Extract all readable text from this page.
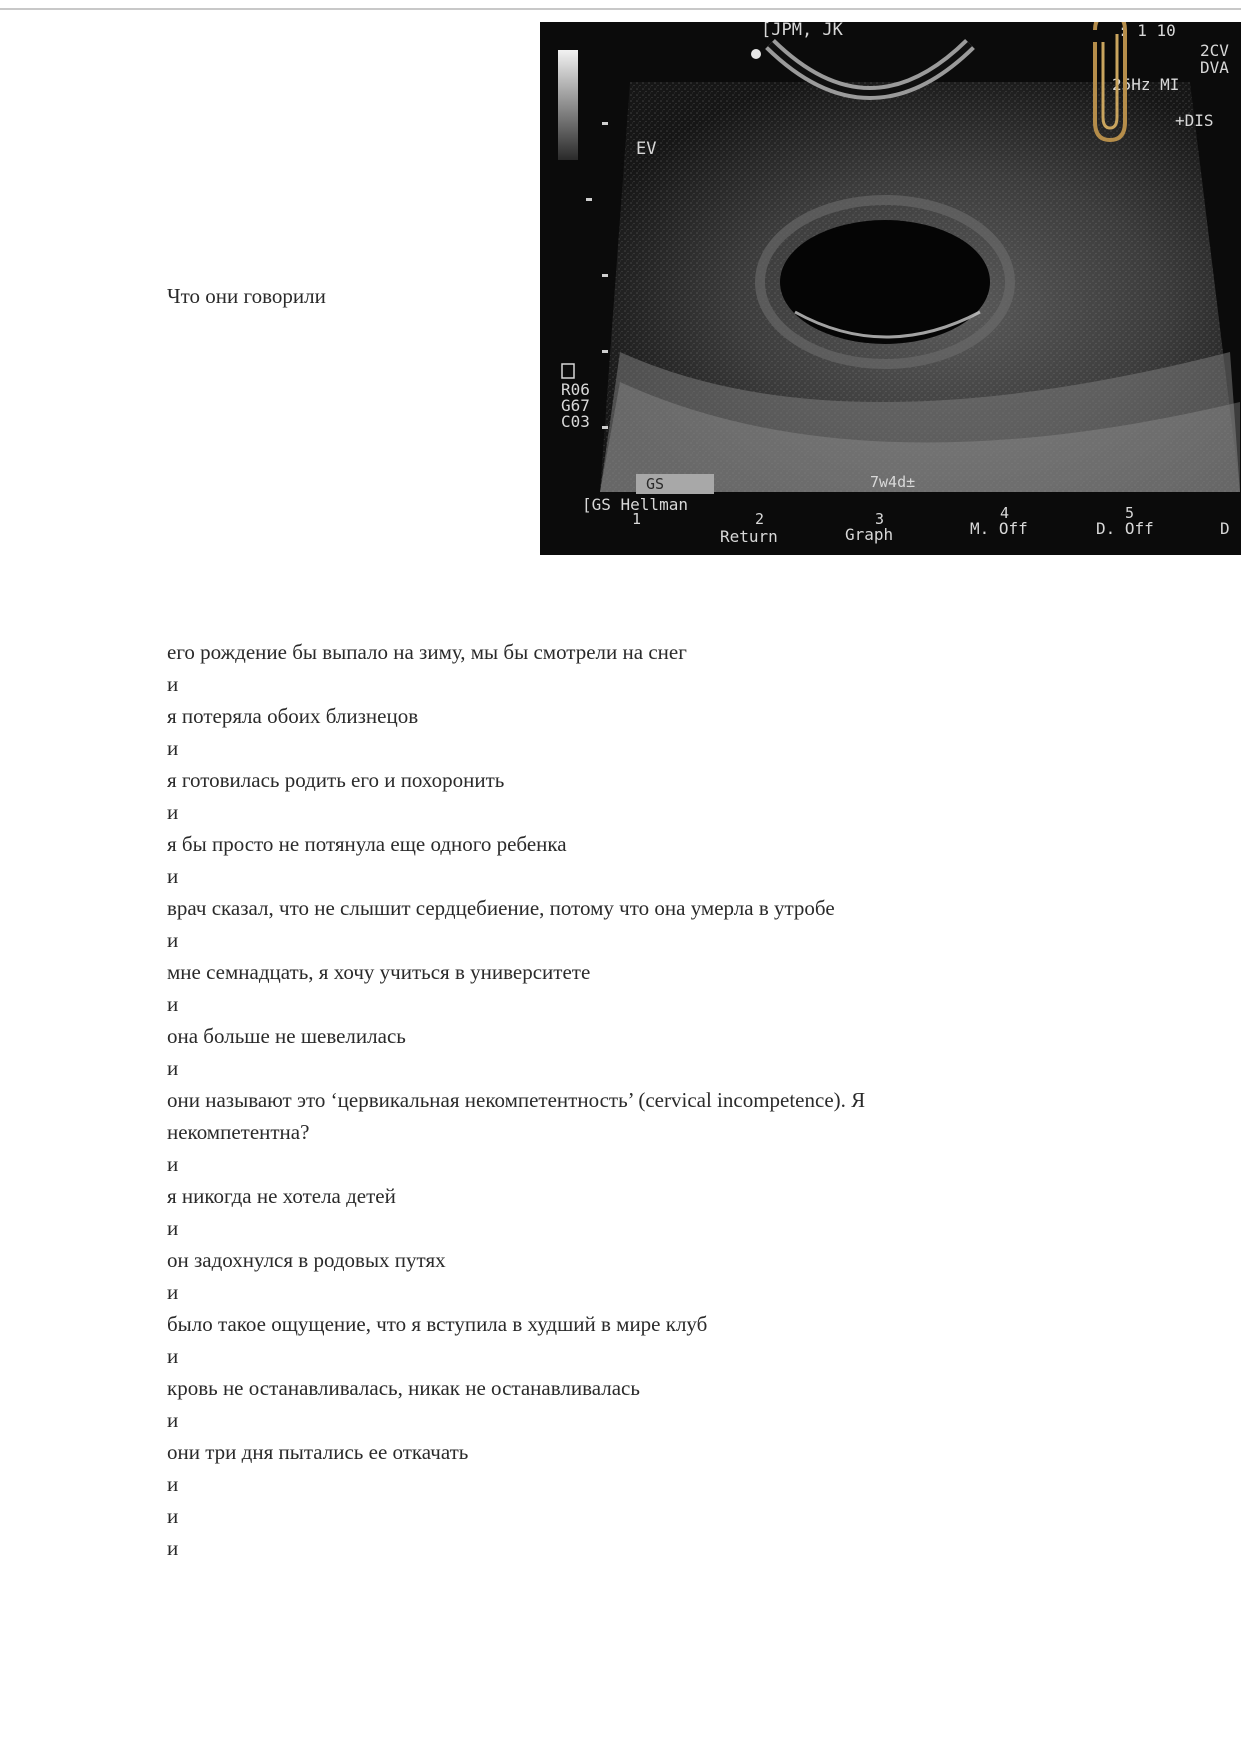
Что они говорили
[JPM, JK
EV
: 1 10
2CV
DVA
25Hz MI
+DIS
R06
G67
C03
GS	7w4d±
[GS Hellman
1	2	3	4	5
Return	Graph	M. Off	D. Off	D
его рождение бы выпало на зиму, мы бы смотрели на снег
и
я потеряла обоих близнецов
и
я готовилась родить его и похоронить
и
я бы просто не потянула еще одного ребенка
и
врач сказал, что не слышит сердцебиение, потому что она умерла в утробе
и
мне семнадцать, я хочу учиться в университете
и
она больше не шевелилась
и
они называют это ‘цервикальная некомпетентность’ (cervical incompetence). Я некомпетентна?
и
я никогда не хотела детей
и
он задохнулся в родовых путях
и
было такое ощущение, что я вступила в худший в мире клуб
и
кровь не останавливалась, никак не останавливалась
и
они три дня пытались ее откачать
и
и
и
